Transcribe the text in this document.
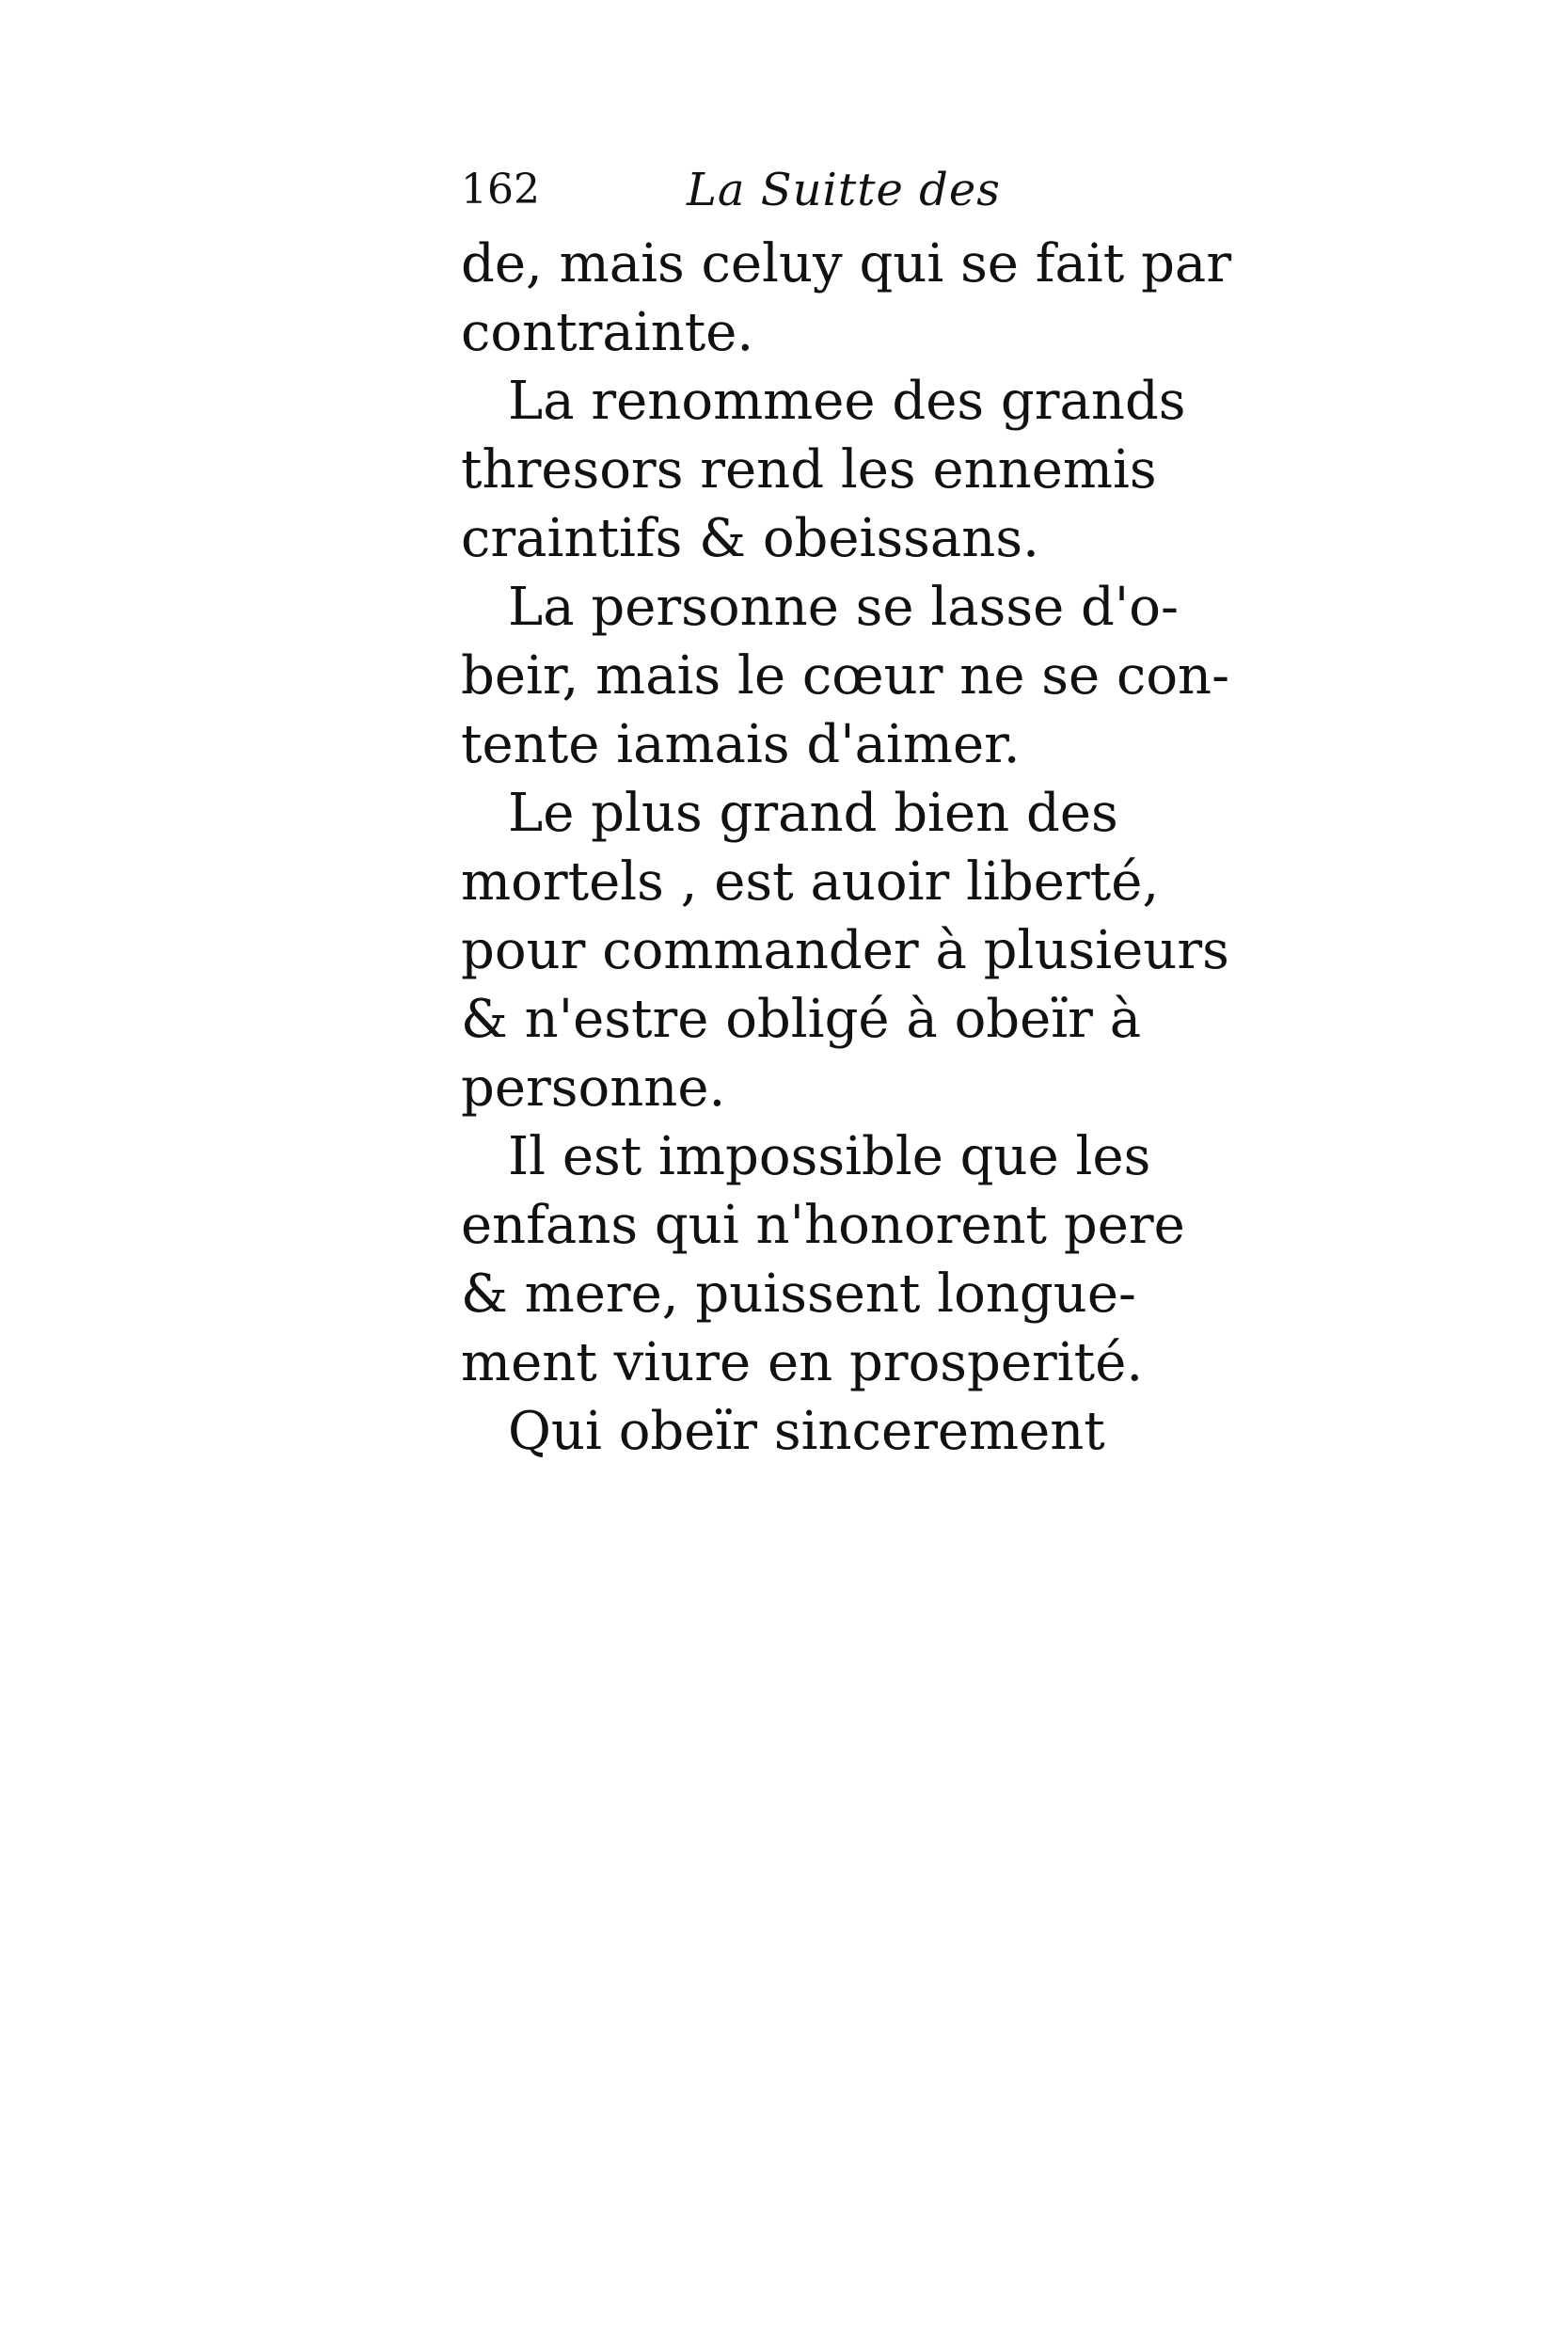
162	La Suitte des
de, mais celuy qui se fait par
contrainte.
La renommee des grands
thresors rend les ennemis
craintifs & obeissans.
La personne se lasse d'o-
beir, mais le cœur ne se con-
tente iamais d'aimer.
Le plus grand bien des
mortels , est auoir liberté,
pour commander à plusieurs
& n'estre obligé à obeïr à
personne.
Il est impossible que les
enfans qui n'honorent pere
& mere, puissent longue-
ment viure en prosperité.
Qui obeïr sincerement
